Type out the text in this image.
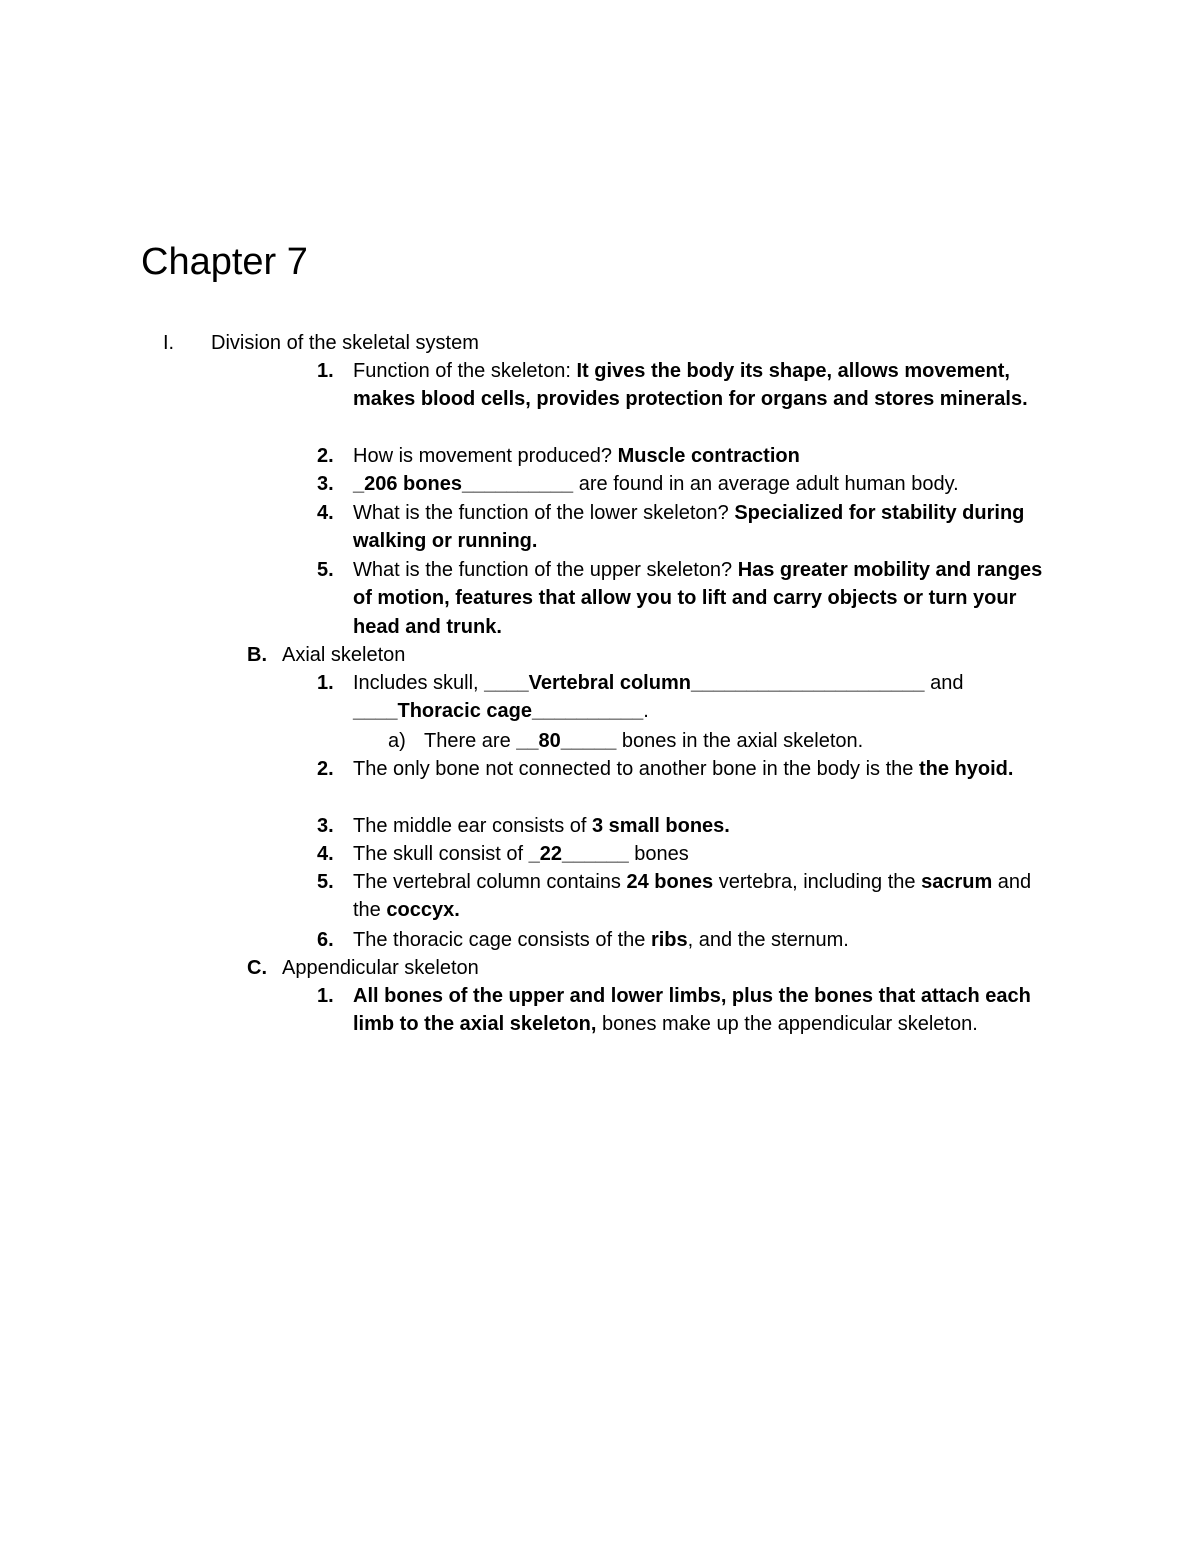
Chapter 7
I. Division of the skeletal system
1. Function of the skeleton: It gives the body its shape, allows movement, makes blood cells, provides protection for organs and stores minerals.
2. How is movement produced? Muscle contraction
3. _206 bones__________ are found in an average adult human body.
4. What is the function of the lower skeleton? Specialized for stability during walking or running.
5. What is the function of the upper skeleton? Has greater mobility and ranges of motion, features that allow you to lift and carry objects or turn your head and trunk.
B. Axial skeleton
1. Includes skull, ____Vertebral column_____________________ and ____Thoracic cage__________.
a) There are __80_____ bones in the axial skeleton.
2. The only bone not connected to another bone in the body is the the hyoid.
3. The middle ear consists of 3 small bones.
4. The skull consist of _22______ bones
5. The vertebral column contains 24 bones vertebra, including the sacrum and the coccyx.
6. The thoracic cage consists of the ribs, and the sternum.
C. Appendicular skeleton
1. All bones of the upper and lower limbs, plus the bones that attach each limb to the axial skeleton, bones make up the appendicular skeleton.
